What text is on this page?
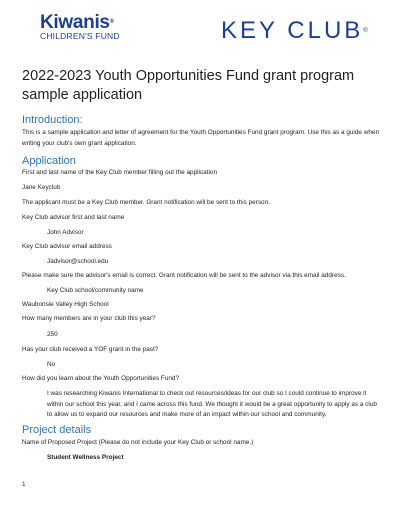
Kiwanis®
CHILDREN'S FUND	KEY CLUB®
2022-2023 Youth Opportunities Fund grant program sample application
Introduction:
This is a sample application and letter of agreement for the Youth Opportunities Fund grant program. Use this as a guide when writing your club's own grant application.
Application
First and last name of the Key Club member filling out the application
Jane Keyclub
The applicant must be a Key Club member. Grant notification will be sent to this person.
Key Club advisor first and last name
John Advisor
Key Club advisor email address
Jadvisor@school.edu
Please make sure the advisor's email is correct. Grant notification will be sent to the advisor via this email address.
Key Club school/community name
Waubonsie Valley High School
How many members are in your club this year?
250
Has your club received a YOF grant in the past?
No
How did you learn about the Youth Opportunities Fund?
I was researching Kiwanis International to check out resources/ideas for our club so I could continue to improve it within our school this year, and I came across this fund. We thought it would be a great opportunity to apply as a club to allow us to expand our resources and make more of an impact within our school and community.
Project details
Name of Proposed Project (Please do not include your Key Club or school name.)
Student Wellness Project
1
